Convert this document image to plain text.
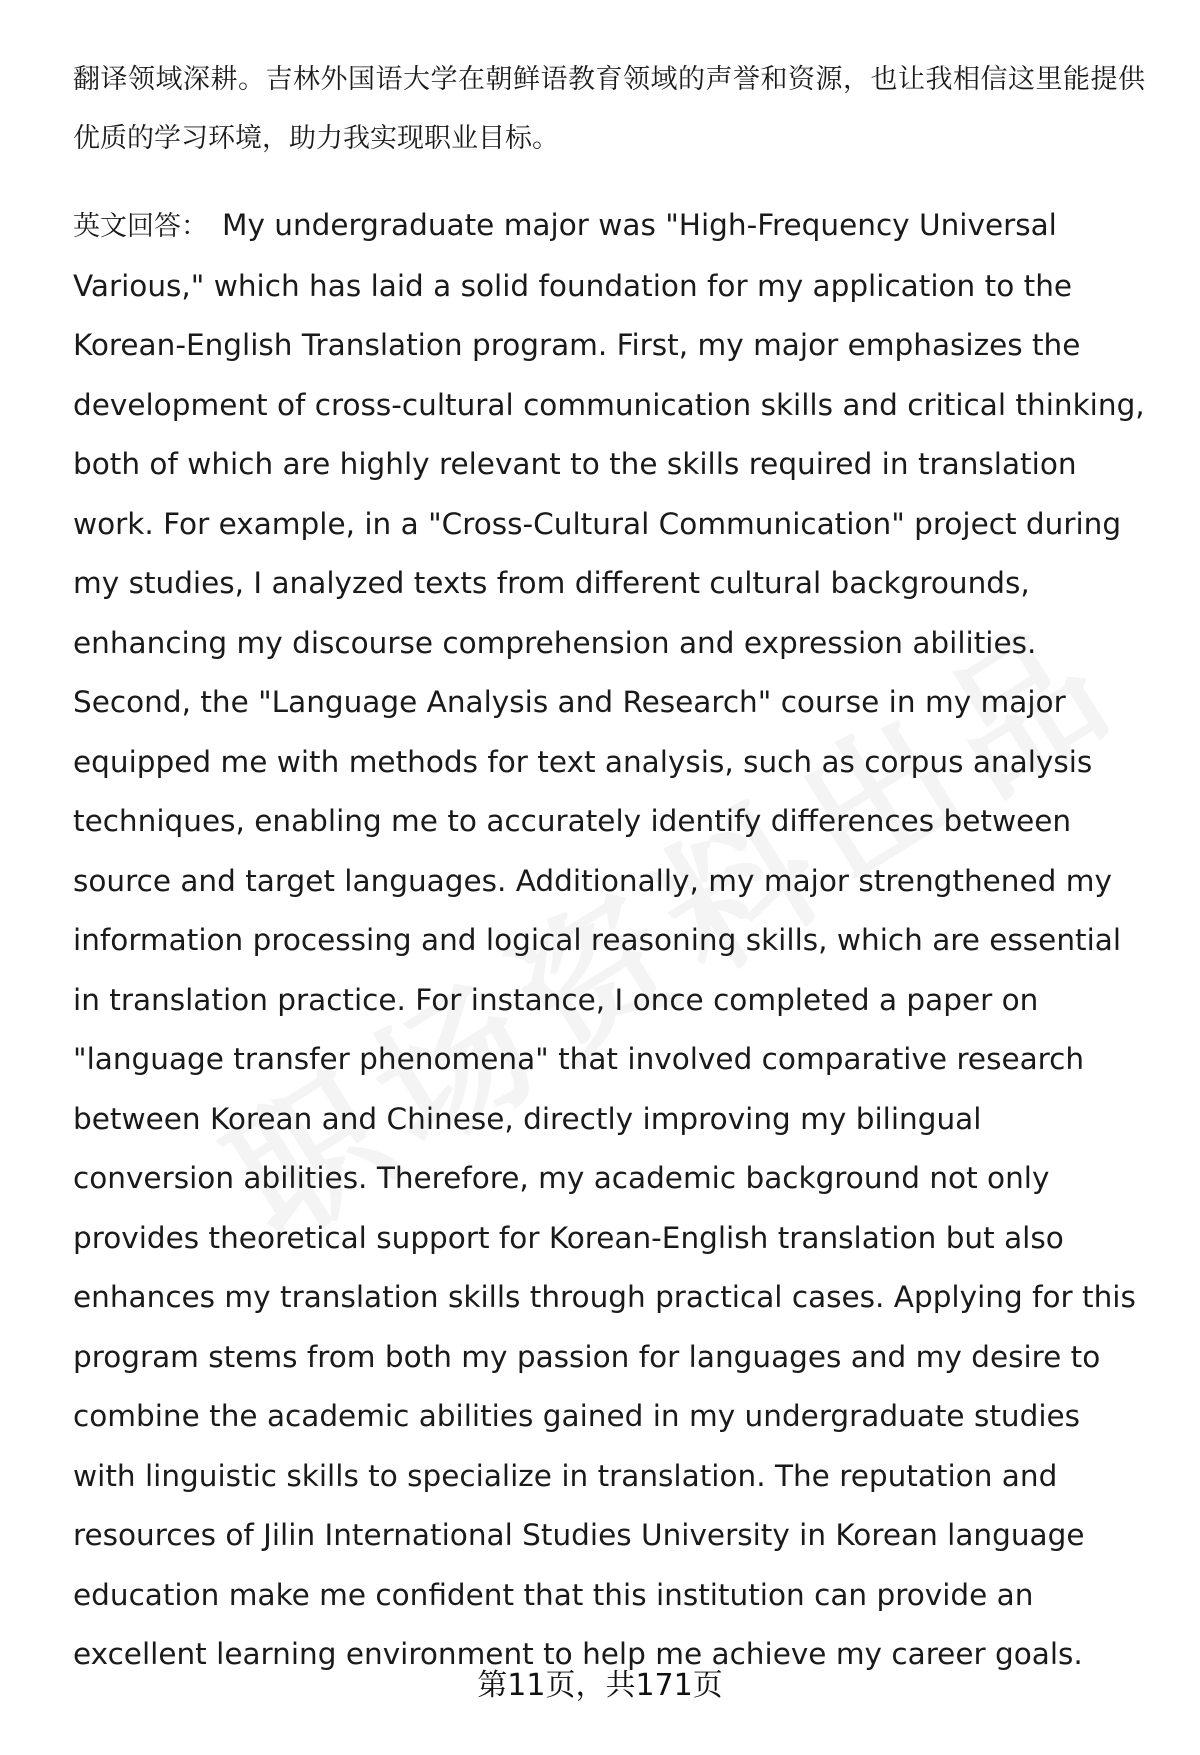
翻译领域深耕。吉林外国语大学在朝鲜语教育领域的声誉和资源，也让我相信这里能提供优质的学习环境，助力我实现职业目标。

英文回答： My undergraduate major was "High-Frequency Universal Various," which has laid a solid foundation for my application to the Korean-English Translation program. First, my major emphasizes the development of cross-cultural communication skills and critical thinking, both of which are highly relevant to the skills required in translation work. For example, in a "Cross-Cultural Communication" project during my studies, I analyzed texts from different cultural backgrounds, enhancing my discourse comprehension and expression abilities. Second, the "Language Analysis and Research" course in my major equipped me with methods for text analysis, such as corpus analysis techniques, enabling me to accurately identify differences between source and target languages. Additionally, my major strengthened my information processing and logical reasoning skills, which are essential in translation practice. For instance, I once completed a paper on "language transfer phenomena" that involved comparative research between Korean and Chinese, directly improving my bilingual conversion abilities. Therefore, my academic background not only provides theoretical support for Korean-English translation but also enhances my translation skills through practical cases. Applying for this program stems from both my passion for languages and my desire to combine the academic abilities gained in my undergraduate studies with linguistic skills to specialize in translation. The reputation and resources of Jilin International Studies University in Korean language education make me confident that this institution can provide an excellent learning environment to help me achieve my career goals.

第11页，共171页
